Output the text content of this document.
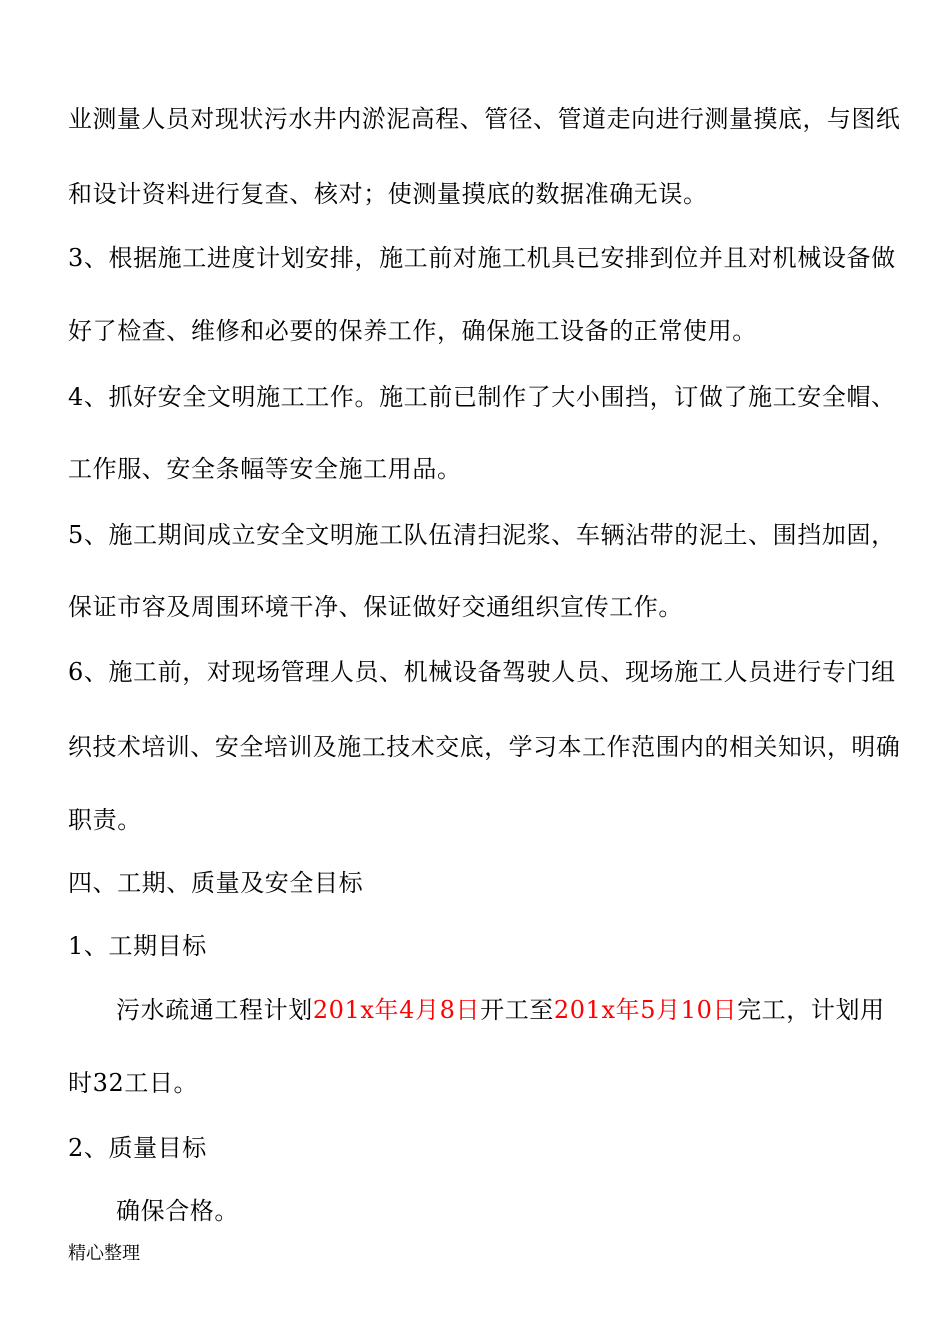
业测量人员对现状污水井内淤泥高程、管径、管道走向进行测量摸底，与图纸
和设计资料进行复查、核对；使测量摸底的数据准确无误。
3、根据施工进度计划安排，施工前对施工机具已安排到位并且对机械设备做
好了检查、维修和必要的保养工作，确保施工设备的正常使用。
4、抓好安全文明施工工作。施工前已制作了大小围挡，订做了施工安全帽、
工作服、安全条幅等安全施工用品。
5、施工期间成立安全文明施工队伍清扫泥浆、车辆沾带的泥土、围挡加固，
保证市容及周围环境干净、保证做好交通组织宣传工作。
6、施工前，对现场管理人员、机械设备驾驶人员、现场施工人员进行专门组
织技术培训、安全培训及施工技术交底，学习本工作范围内的相关知识，明确
职责。
四、工期、质量及安全目标
1、工期目标
污水疏通工程计划201x年4月8日开工至201x年5月10日完工，计划用
时32工日。
2、质量目标
确保合格。
精心整理
